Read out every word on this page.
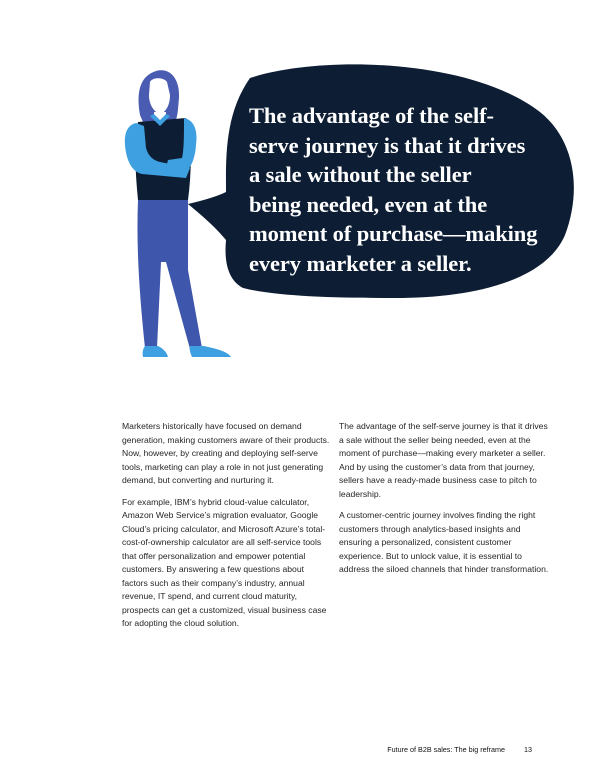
The advantage of the self-
serve journey is that it drives
a sale without the seller
being needed, even at the
moment of purchase—making
every marketer a seller.

Marketers historically have focused on demand generation, making customers aware of their products. Now, however, by creating and deploying self-serve tools, marketing can play a role in not just generating demand, but converting and nurturing it.

For example, IBM’s hybrid cloud-value calculator, Amazon Web Service’s migration evaluator, Google Cloud’s pricing calculator, and Microsoft Azure’s total-cost-of-ownership calculator are all self-service tools that offer personalization and empower potential customers. By answering a few questions about factors such as their company’s industry, annual revenue, IT spend, and current cloud maturity, prospects can get a customized, visual business case for adopting the cloud solution.

The advantage of the self-serve journey is that it drives a sale without the seller being needed, even at the moment of purchase—making every marketer a seller. And by using the customer’s data from that journey, sellers have a ready-made business case to pitch to leadership.

A customer-centric journey involves finding the right customers through analytics-based insights and ensuring a personalized, consistent customer experience. But to unlock value, it is essential to address the siloed channels that hinder transformation.

Future of B2B sales: The big reframe	13
